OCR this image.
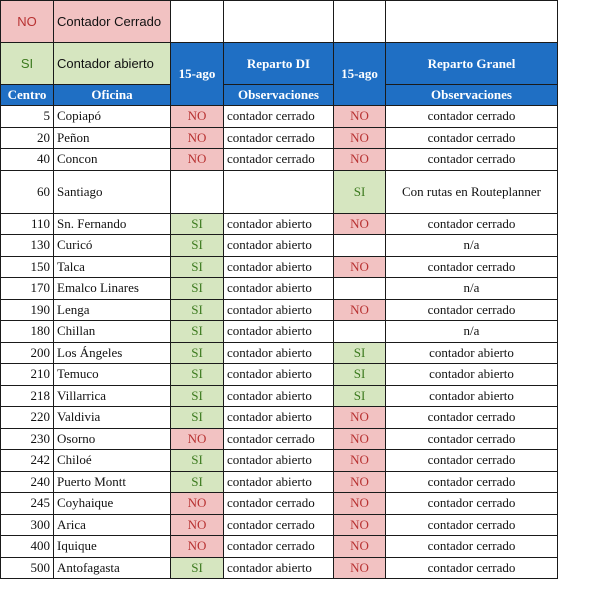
NO	Contador Cerrado				
SI	Contador abierto	15-ago	Reparto DI	15-ago	Reparto Granel
Centro	Oficina		Observaciones		Observaciones
5	Copiapó	NO	contador cerrado	NO	contador cerrado
20	Peñon	NO	contador cerrado	NO	contador cerrado
40	Concon	NO	contador cerrado	NO	contador cerrado
60	Santiago			SI	Con rutas en Routeplanner
110	Sn. Fernando	SI	contador abierto	NO	contador cerrado
130	Curicó	SI	contador abierto		n/a
150	Talca	SI	contador abierto	NO	contador cerrado
170	Emalco Linares	SI	contador abierto		n/a
190	Lenga	SI	contador abierto	NO	contador cerrado
180	Chillan	SI	contador abierto		n/a
200	Los Ángeles	SI	contador abierto	SI	contador abierto
210	Temuco	SI	contador abierto	SI	contador abierto
218	Villarrica	SI	contador abierto	SI	contador abierto
220	Valdivia	SI	contador abierto	NO	contador cerrado
230	Osorno	NO	contador cerrado	NO	contador cerrado
242	Chiloé	SI	contador abierto	NO	contador cerrado
240	Puerto Montt	SI	contador abierto	NO	contador cerrado
245	Coyhaique	NO	contador cerrado	NO	contador cerrado
300	Arica	NO	contador cerrado	NO	contador cerrado
400	Iquique	NO	contador cerrado	NO	contador cerrado
500	Antofagasta	SI	contador abierto	NO	contador cerrado
